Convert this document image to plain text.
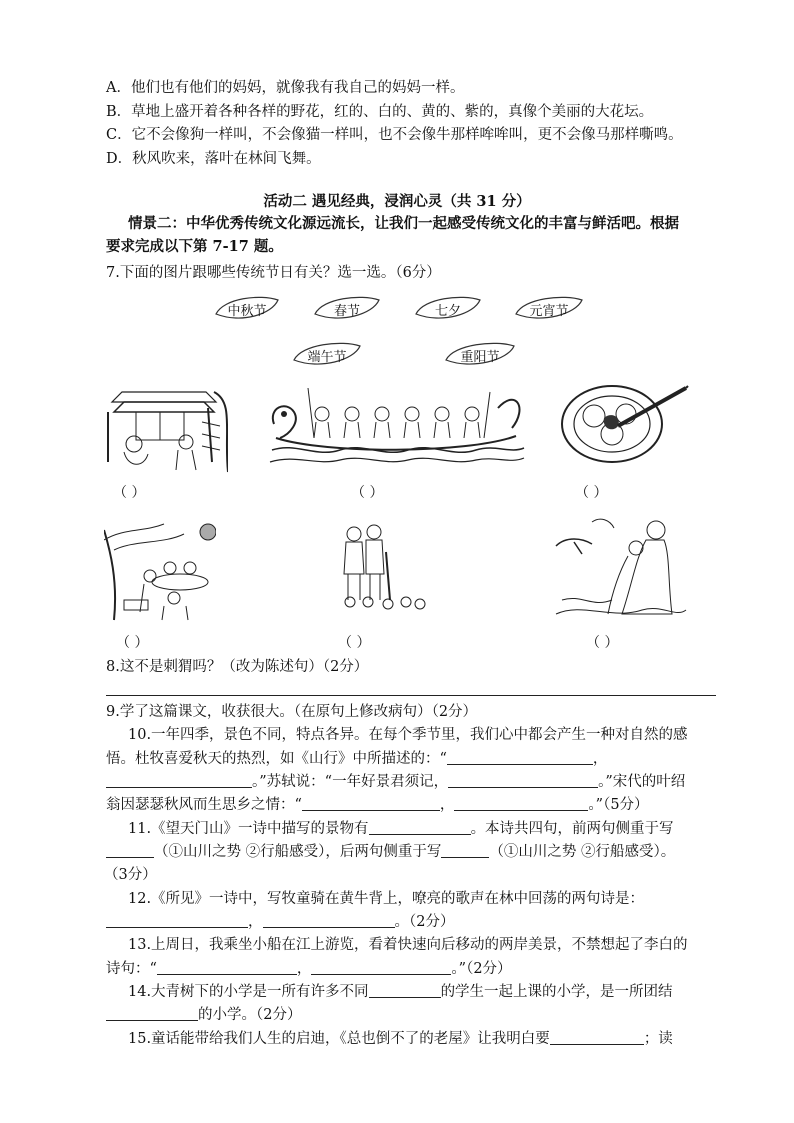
A．他们也有他们的妈妈，就像我有我自己的妈妈一样。
B．草地上盛开着各种各样的野花，红的、白的、黄的、紫的，真像个美丽的大花坛。
C．它不会像狗一样叫，不会像猫一样叫，也不会像牛那样哞哞叫，更不会像马那样嘶鸣。
D．秋风吹来，落叶在林间飞舞。
活动二 遇见经典，浸润心灵（共 31 分）
情景二：中华优秀传统文化源远流长，让我们一起感受传统文化的丰富与鲜活吧。根据
要求完成以下第 7-17 题。
7.下面的图片跟哪些传统节日有关？选一选。（6分）
中秋节	春节	七夕	元宵节
端午节	重阳节
（ ）	（ ）	（ ）
（ ）	（ ）	（ ）
8.这不是刺猬吗？（改为陈述句）（2分）
9.学了这篇课文，收获很大。（在原句上修改病句）（2分）
10.一年四季，景色不同，特点各异。在每个季节里，我们心中都会产生一种对自然的感
悟。杜牧喜爱秋天的热烈，如《山行》中所描述的：“	，
。”苏轼说：“一年好景君须记，	。”宋代的叶绍
翁因瑟瑟秋风而生思乡之情：“	，	。”（5分）
11.《望天门山》一诗中描写的景物有	。本诗共四句，前两句侧重于写
（①山川之势 ②行船感受），后两句侧重于写	（①山川之势 ②行船感受）。
（3分）
12.《所见》一诗中，写牧童骑在黄牛背上，嘹亮的歌声在林中回荡的两句诗是：
，	。（2分）
13.上周日，我乘坐小船在江上游览，看着快速向后移动的两岸美景，不禁想起了李白的
诗句：“	，	。”（2分）
14.大青树下的小学是一所有许多不同	的学生一起上课的小学，是一所团结
的小学。（2分）
15.童话能带给我们人生的启迪，《总也倒不了的老屋》让我明白要	；读
